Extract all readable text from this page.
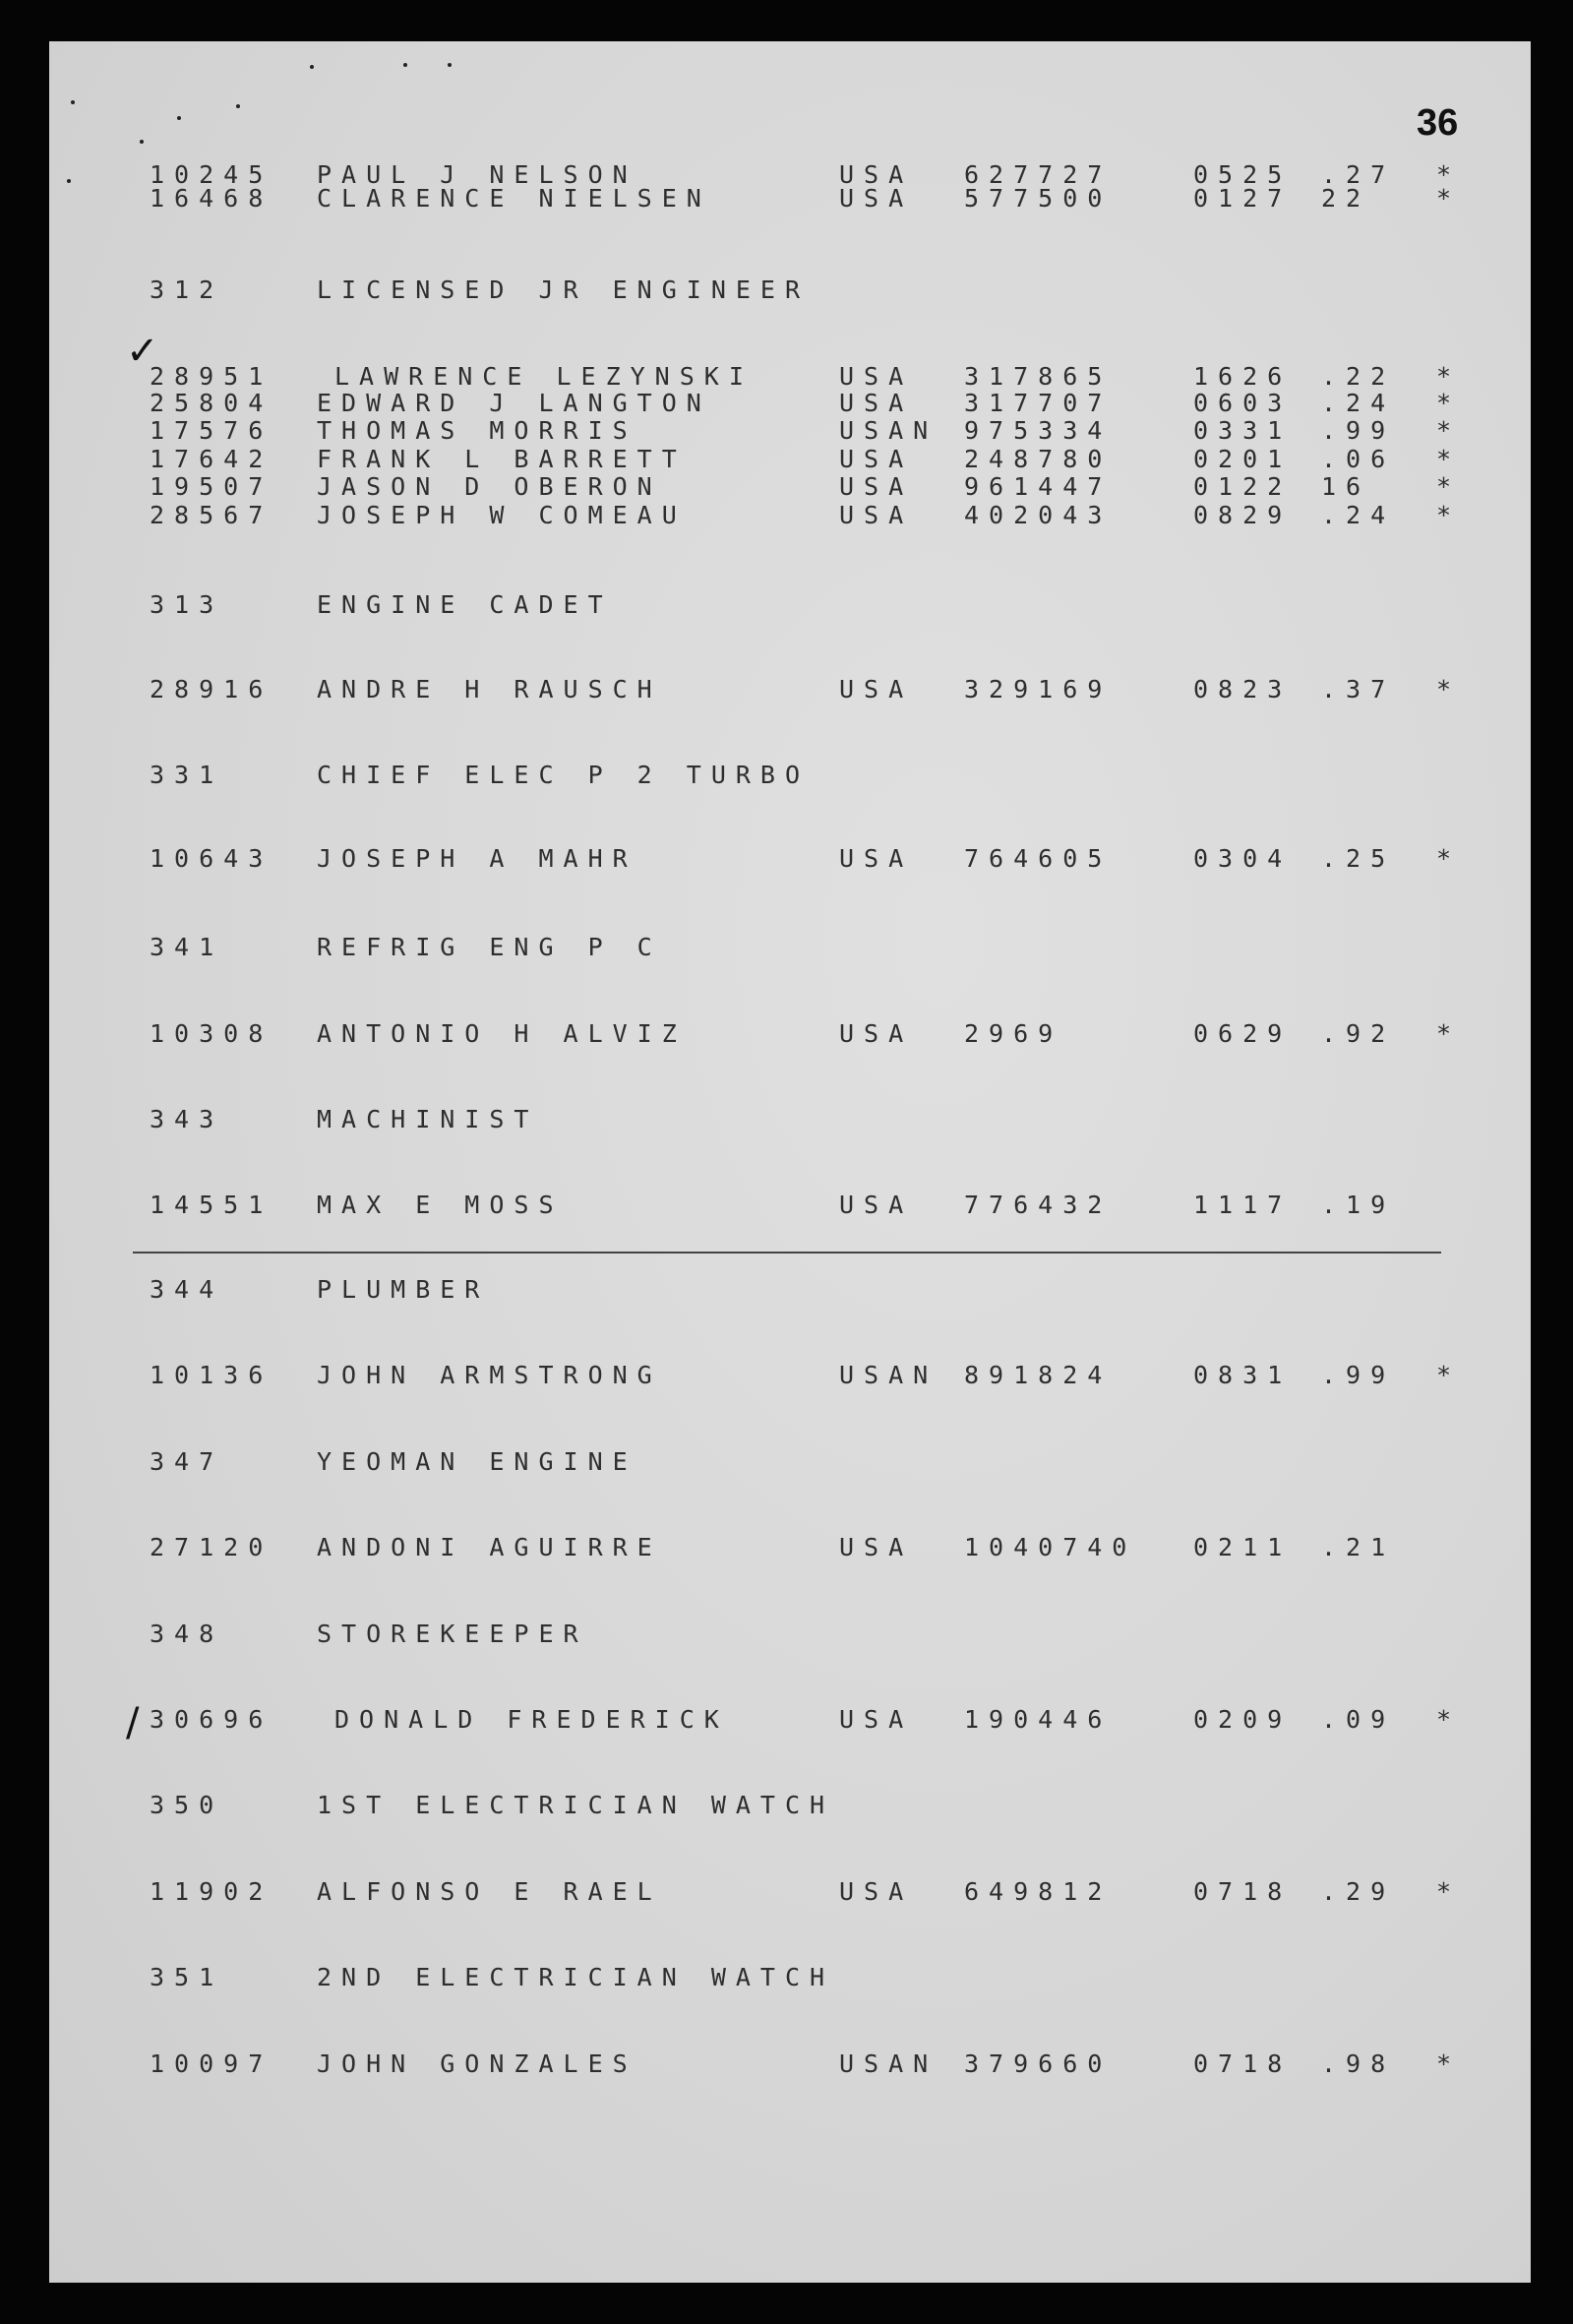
36
✓
/
10245 PAUL J NELSON	USA 627727	0525 .27 *
16468 CLARENCE NIELSEN	USA 577500	0127 22	*
312	LICENSED JR ENGINEER
28951	LAWRENCE LEZYNSKI	USA 317865	1626 .22 *
25804 EDWARD J LANGTON	USA 317707	0603 .24 *
17576 THOMAS MORRIS	USAN 975334	0331 .99 *
17642 FRANK L BARRETT	USA 248780	0201 .06 *
19507 JASON D OBERON	USA 961447	0122 16	*
28567 JOSEPH W COMEAU	USA 402043	0829 .24 *
313	ENGINE CADET
28916 ANDRE H RAUSCH	USA 329169	0823 .37 *
331	CHIEF ELEC P 2 TURBO
10643 JOSEPH A MAHR	USA 764605	0304 .25 *
341	REFRIG ENG P C
10308 ANTONIO H ALVIZ	USA 2969	0629 .92 *
343	MACHINIST
14551 MAX E MOSS	USA 776432	1117 .19
344	PLUMBER
10136 JOHN ARMSTRONG	USAN 891824	0831 .99 *
347	YEOMAN ENGINE
27120 ANDONI AGUIRRE	USA 1040740 0211 .21
348	STOREKEEPER
30696	DONALD FREDERICK	USA 190446	0209 .09 *
350	1ST ELECTRICIAN WATCH
11902 ALFONSO E RAEL	USA 649812	0718 .29 *
351	2ND ELECTRICIAN WATCH
10097 JOHN GONZALES	USAN 379660	0718 .98 *
